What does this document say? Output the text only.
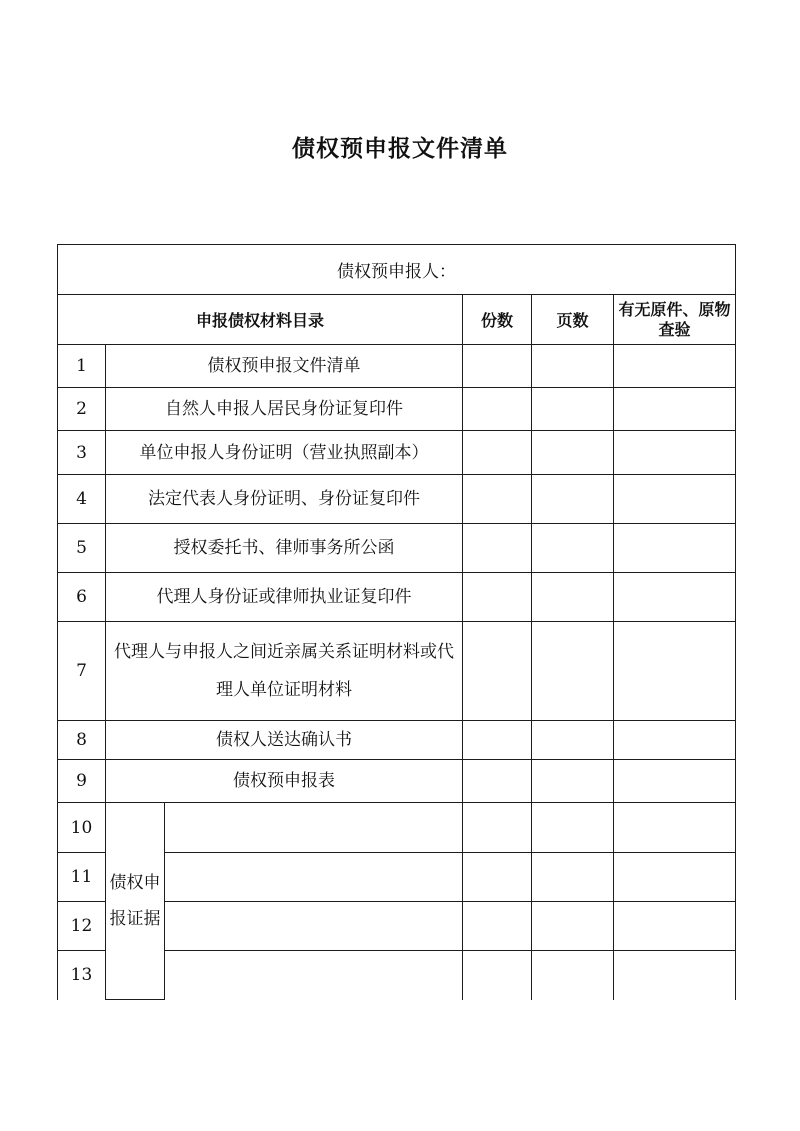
债权预申报文件清单
债权预申报人：					
申报债权材料目录			份数	页数	有无原件、原物查验
1	债权预申报文件清单				
2	自然人申报人居民身份证复印件				
3	单位申报人身份证明（营业执照副本）				
4	法定代表人身份证明、身份证复印件				
5	授权委托书、律师事务所公函				
6	代理人身份证或律师执业证复印件				
7	代理人与申报人之间近亲属关系证明材料或代理人单位证明材料				
8	债权人送达确认书				
9	债权预申报表				
10	债权申报证据				
11					
12					
13					
